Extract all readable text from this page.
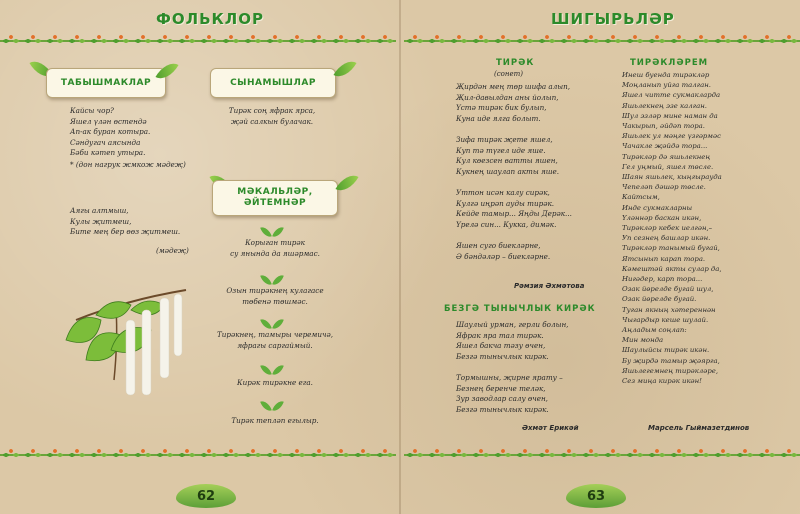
ФОЛЬКЛОР	ШИГЫРЬЛӘР
ТАБЫШМАКЛАР
Кайсы чор?
Яшел үлән өстендә
Ап-ак буран котыра.
Сәндугач аясында
Бәби кәтеп утыра.
* (дон нагрук жмкож мәдеҗ)
Аягы алтмыш,
Кулы җитмеш,
Бите мең бер өөз җитмеш.
(мәдеҗ)
СЫНАМЫШЛАР
Тирәк соң яфрак ярса,
җәй салкын булачак.
МӘКАЛЬЛӘР,
ӘЙТЕМНӘР
Корыган тирәк
су янында да яшәрмас.
Озын тирәкнең кулагасе
төбенә төшмәс.
Тирәкнең, тамыры черемичә,
яфрагы саргаймый.
Кирәк тирәкне ега.
Тирәк тепләп егылыр.
62
ТИРӘК
(сонет)
Җирдән мең төр шифа алып,
Җил-давылдан аны йолып,
Үстә тирәк бик булып,
Куна иде ялга болыт.

Зифа тирәк җете яшел,
Куп тә түгел иде яше.
Кул көезсен ватты яшен,
Кукнең шаулап акты яше.

Уттон исән калу сирәк,
Кулгә иңрәп ауды тирәк.
Кейде тамыр... Яңды Дерәк...
Үрелә син... Кукка, димәк.

Яшен суго биекләрне,
Ә бәндәләр – биекләрне.
Рәмзия Әхмәтова
БЕЗГӘ ТЫНЫЧЛЫК КИРӘК
Шаулый урман, герли болын,
Яфрак яра тал тирәк.
Яшел бакча тәзу өчен,
Безгә тынычлык кирәк.

Тормышны, җирне ярату –
Безнең беренче теләк,
Зур заводлар салу өчен,
Безгә тынычлык кирәк.
Әхмәт Ерикәй
ТИРӘКЛӘРЕМ
Инеш буенда тирәкләр
Моңланып уйга талган.
Яшел читте сукмакларда
Яшьлекнең эзе калган.
Шул эзләр мине наман да
Чакырып, әйдәп тора.
Яшьлек ул мәңге үзгәрмәс
Чачакле җәйдә тора...
Тирәкләр дә яшьлекнең
Гел уңмый, яшел төсле.
Шаян яшьлек, кыңгырауда
Чепеләп дәшәр төсле.
Кайтсым,
Инде сукмакларны
Үләннәр баскан икән,
Тирәкләр кебек иелгән,–
Уп сезнең башлар икән.
Тирәкләр танымый бугай,
Ятсынып карап тора.
Кәмештәй якты сулар да,
Нигәдер, карп тора...
Озак йөрелде бугай шул,
Озак йөрелде бугай.
Туган якның хәтереннән
Чыгардыр кеше шулай.
Аңладым соңлап:
Мин монда
Шаулыйсы тирәк икән.
Бу җирдә тамыр җәярга,
Яшьлегемнең тирәкләре,
Сез миңа кирәк икән!
Марсель Гыймазетдинов
63
